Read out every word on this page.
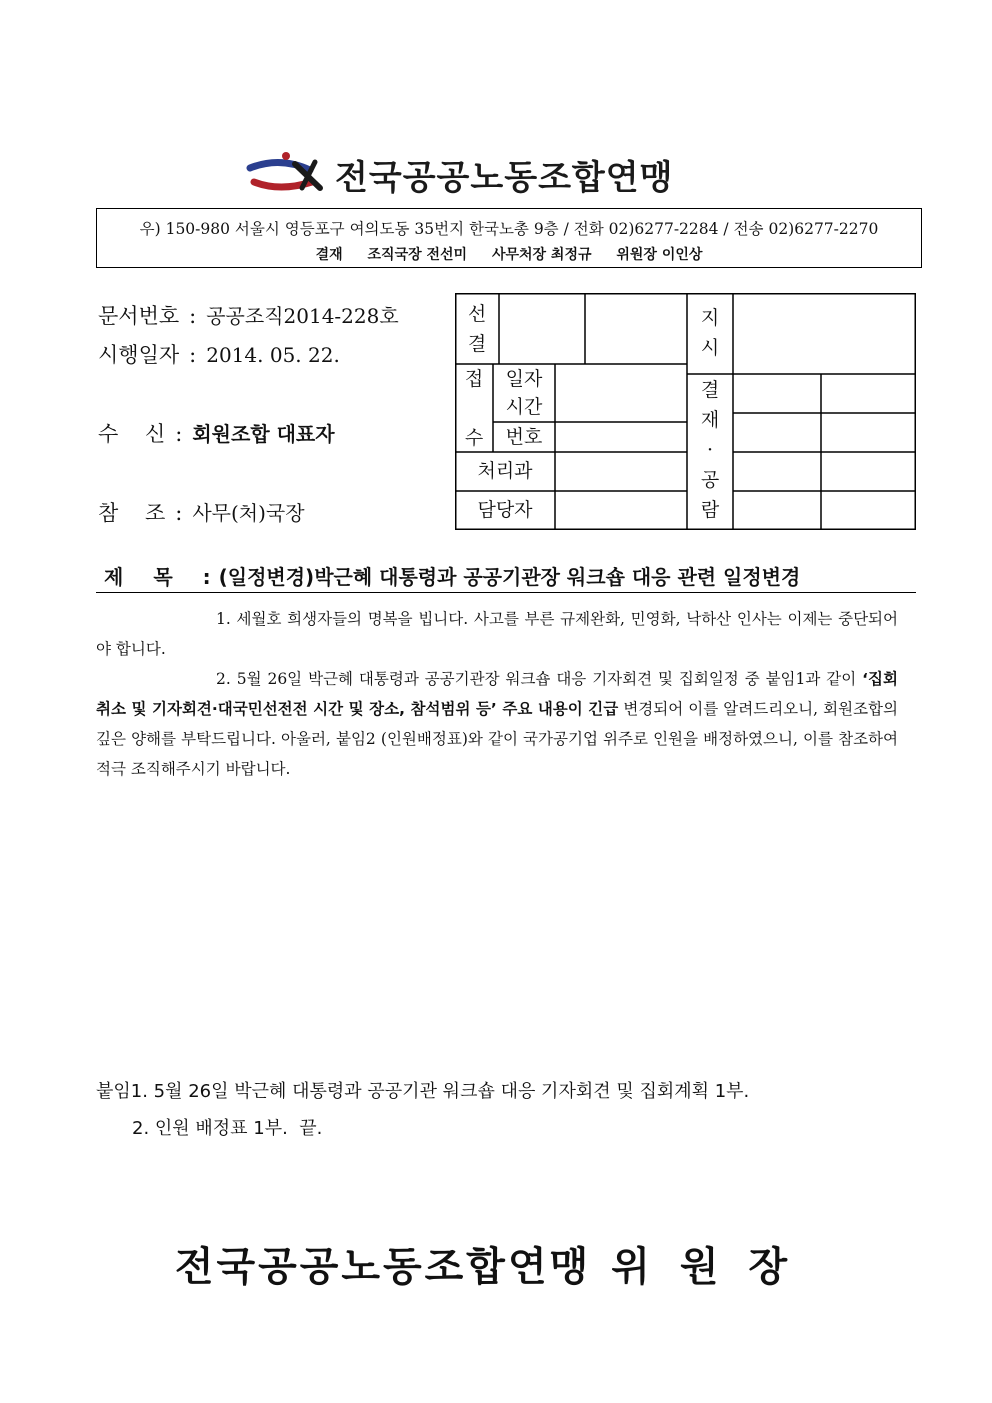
전국공공노동조합연맹
우) 150-980 서울시 영등포구 여의도동 35번지 한국노총 9층 / 전화 02)6277-2284 / 전송 02)6277-2270
결재 조직국장 전선미 사무처장 최정규 위원장 이인상
문서번호 : 공공조직2014-228호
시행일자 : 2014. 05. 22.
수    신 : 회원조합 대표자
참    조 : 사무(처)국장
선
결
지
시
접
수
일자
시간
번호
처리과
담당자
결
재
·
공
람
제목: (일정변경)박근혜 대통령과 공공기관장 워크숍 대응 관련 일정변경

1. 세월호 희생자들의 명복을 빕니다. 사고를 부른 규제완화, 민영화, 낙하산 인사는 이제는 중단되어야 합니다.

2. 5월 26일 박근혜 대통령과 공공기관장 워크숍 대응 기자회견 및 집회일정 중 붙임1과 같이 ‘집회 취소 및 기자회견·대국민선전전 시간 및 장소, 참석범위 등’ 주요 내용이 긴급 변경되어 이를 알려드리오니, 회원조합의 깊은 양해를 부탁드립니다. 아울러, 붙임2 (인원배정표)와 같이 국가공기업 위주로 인원을 배정하였으니, 이를 참조하여 적극 조직해주시기 바랍니다.

붙임1. 5월 26일 박근혜 대통령과 공공기관 워크숍 대응 기자회견 및 집회계획 1부.
2. 인원 배정표 1부.  끝.
전국공공노동조합연맹 위원장
